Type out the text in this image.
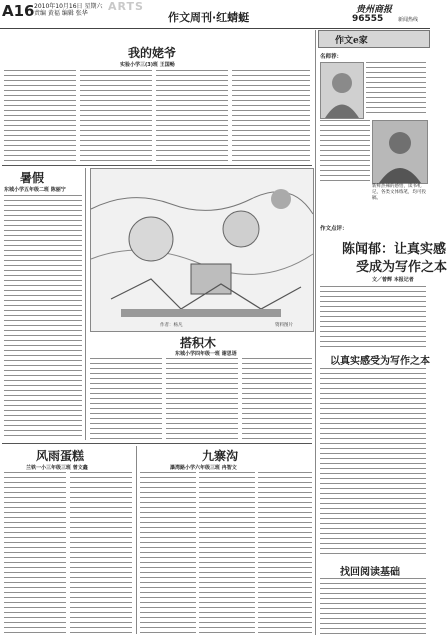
A16 2010年10月16日 星期六
责编 黄福 编辑 张华
ARTS
作文周刊·红蜻蜓
贵州商报
96555	新闻热线
我的姥爷
实验小学三(3)班 王国畅
暑假
东城小学五年级二班 陈丽宁
作者：杨凡	资料图片
搭积木
东城小学四年级一班 谢思语
风雨蛋糕
兰铁一小三年级三班 曾文鑫
九寨沟
瀑湾路小学六年级三班 冉智文
作文e家
名师荐：
新鲜热辣的感悟，读书札记，各类文体练笔，均可投稿。
作文点评：
陈闻郁：让真实感
受成为写作之本
文／曾辉 本报记者
以真实感受为写作之本
找回阅读基础
